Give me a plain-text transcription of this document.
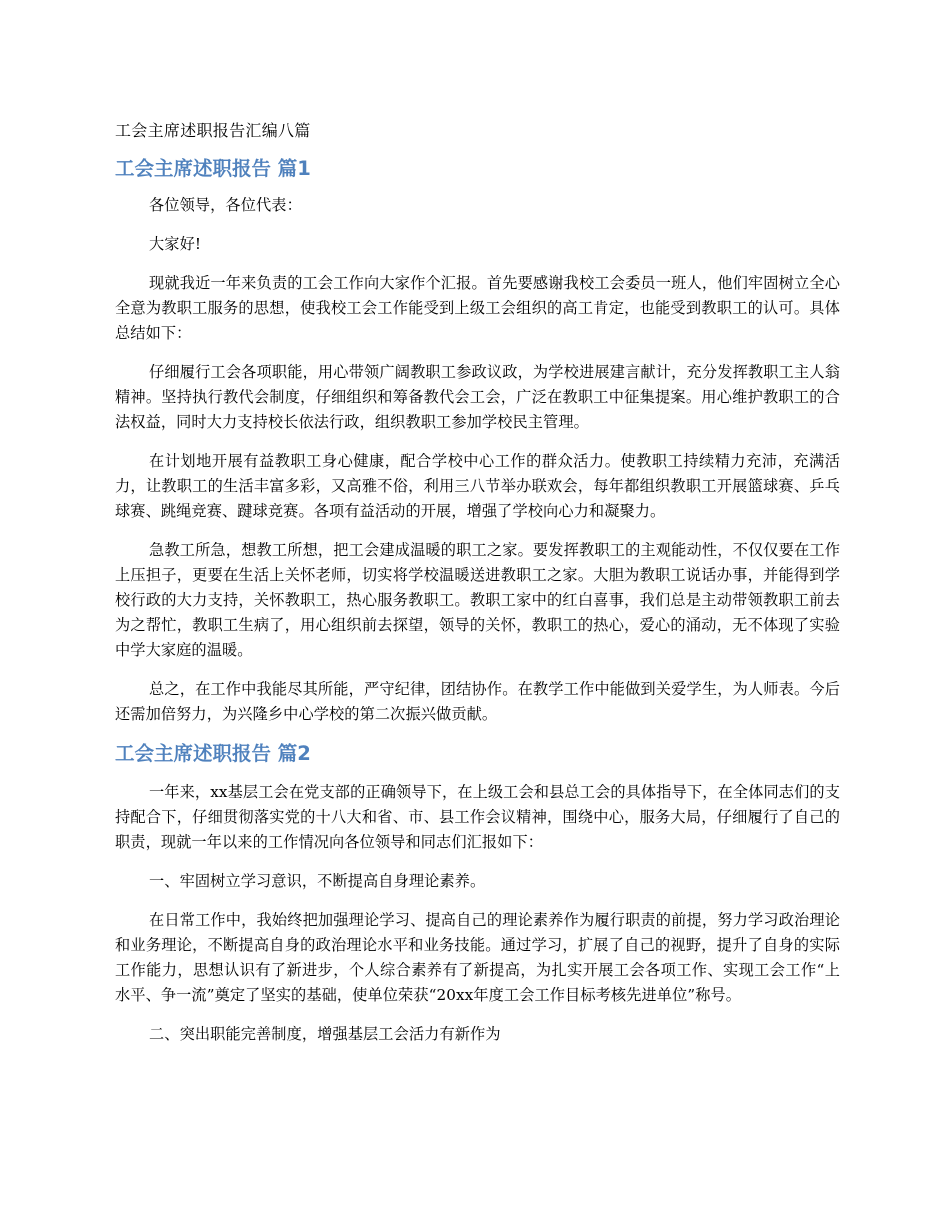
工会主席述职报告汇编八篇
工会主席述职报告 篇1

各位领导，各位代表：

大家好!

现就我近一年来负责的工会工作向大家作个汇报。首先要感谢我校工会委员一班人，他们牢固树立全心全意为教职工服务的思想，使我校工会工作能受到上级工会组织的高工肯定，也能受到教职工的认可。具体总结如下：

仔细履行工会各项职能，用心带领广阔教职工参政议政，为学校进展建言献计，充分发挥教职工主人翁精神。坚持执行教代会制度，仔细组织和筹备教代会工会，广泛在教职工中征集提案。用心维护教职工的合法权益，同时大力支持校长依法行政，组织教职工参加学校民主管理。

在计划地开展有益教职工身心健康，配合学校中心工作的群众活力。使教职工持续精力充沛，充满活力，让教职工的生活丰富多彩，又高雅不俗，利用三八节举办联欢会，每年都组织教职工开展篮球赛、乒乓球赛、跳绳竞赛、踺球竞赛。各项有益活动的开展，增强了学校向心力和凝聚力。

急教工所急，想教工所想，把工会建成温暖的职工之家。要发挥教职工的主观能动性，不仅仅要在工作上压担子，更要在生活上关怀老师，切实将学校温暖送进教职工之家。大胆为教职工说话办事，并能得到学校行政的大力支持，关怀教职工，热心服务教职工。教职工家中的红白喜事，我们总是主动带领教职工前去为之帮忙，教职工生病了，用心组织前去探望，领导的关怀，教职工的热心，爱心的涌动，无不体现了实验中学大家庭的温暖。

总之，在工作中我能尽其所能，严守纪律，团结协作。在教学工作中能做到关爱学生，为人师表。今后还需加倍努力，为兴隆乡中心学校的第二次振兴做贡献。

工会主席述职报告 篇2

一年来，xx基层工会在党支部的正确领导下，在上级工会和县总工会的具体指导下，在全体同志们的支持配合下，仔细贯彻落实党的十八大和省、市、县工作会议精神，围绕中心，服务大局，仔细履行了自己的职责，现就一年以来的工作情况向各位领导和同志们汇报如下：

一、牢固树立学习意识，不断提高自身理论素养。

在日常工作中，我始终把加强理论学习、提高自己的理论素养作为履行职责的前提，努力学习政治理论和业务理论，不断提高自身的政治理论水平和业务技能。通过学习，扩展了自己的视野，提升了自身的实际工作能力，思想认识有了新进步，个人综合素养有了新提高，为扎实开展工会各项工作、实现工会工作“上水平、争一流”奠定了坚实的基础，使单位荣获“20xx年度工会工作目标考核先进单位”称号。

二、突出职能完善制度，增强基层工会活力有新作为
